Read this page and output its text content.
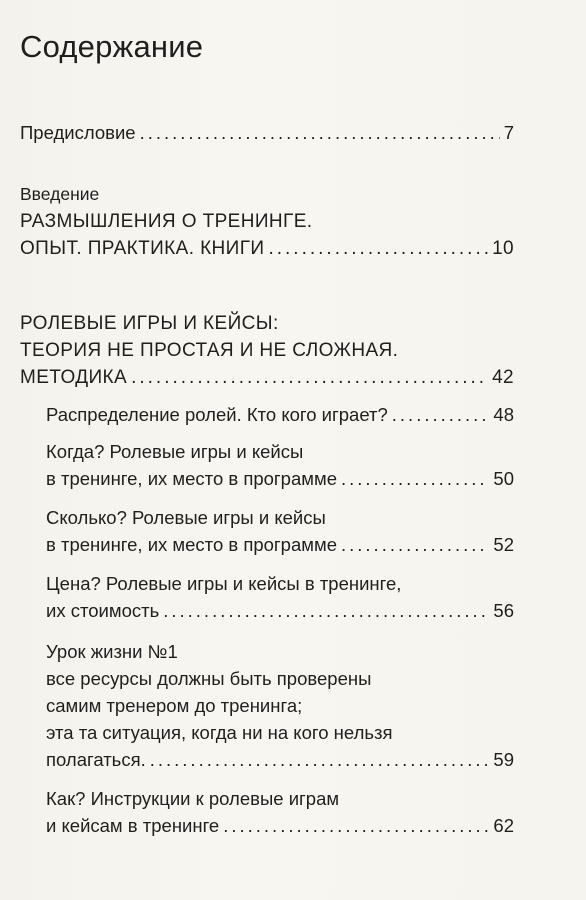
Содержание
Предисловие .....	7
Введение
РАЗМЫШЛЕНИЯ О ТРЕНИНГЕ.
ОПЫТ. ПРАКТИКА. КНИГИ .....	10
РОЛЕВЫЕ ИГРЫ И КЕЙСЫ:
ТЕОРИЯ НЕ ПРОСТАЯ И НЕ СЛОЖНАЯ.
МЕТОДИКА .....	42
Распределение ролей. Кто кого играет? .....	48
Когда? Ролевые игры и кейсы
в тренинге, их место в программе .....	50
Сколько? Ролевые игры и кейсы
в тренинге, их место в программе .....	52
Цена? Ролевые игры и кейсы в тренинге,
их стоимость .....	56
Урок жизни №1
все ресурсы должны быть проверены
самим тренером до тренинга;
эта та ситуация, когда ни на кого нельзя
полагаться. .....	59
Как? Инструкции к ролевые играм
и кейсам в тренинге .....	62
